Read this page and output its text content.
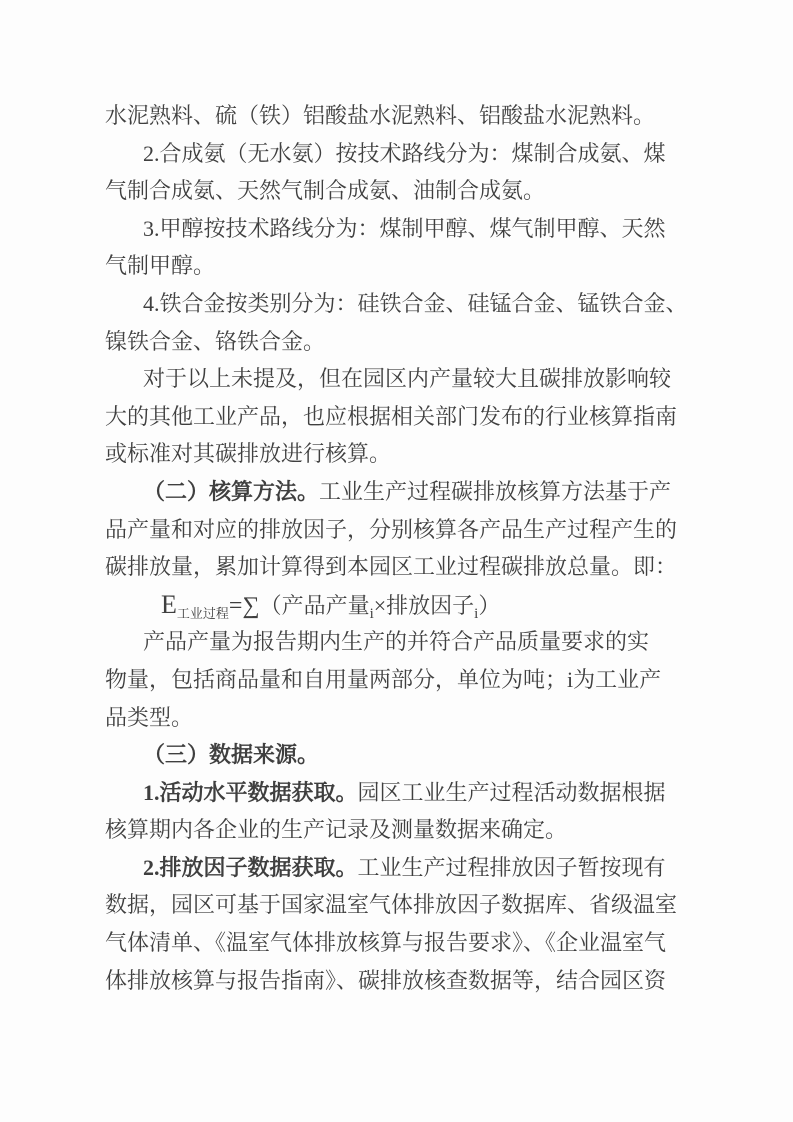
水泥熟料、硫（铁）铝酸盐水泥熟料、铝酸盐水泥熟料。
2.合成氨（无水氨）按技术路线分为：煤制合成氨、煤
气制合成氨、天然气制合成氨、油制合成氨。
3.甲醇按技术路线分为：煤制甲醇、煤气制甲醇、天然
气制甲醇。
4.铁合金按类别分为：硅铁合金、硅锰合金、锰铁合金、
镍铁合金、铬铁合金。
对于以上未提及，但在园区内产量较大且碳排放影响较
大的其他工业产品，也应根据相关部门发布的行业核算指南
或标准对其碳排放进行核算。
（二）核算方法。工业生产过程碳排放核算方法基于产
品产量和对应的排放因子，分别核算各产品生产过程产生的
碳排放量，累加计算得到本园区工业过程碳排放总量。即：
$E_{工业过程}=\sum$（产品产量$_i$×排放因子$_i$）
产品产量为报告期内生产的并符合产品质量要求的实
物量，包括商品量和自用量两部分，单位为吨；i为工业产
品类型。
（三）数据来源。
1.活动水平数据获取。园区工业生产过程活动数据根据
核算期内各企业的生产记录及测量数据来确定。
2.排放因子数据获取。工业生产过程排放因子暂按现有
数据，园区可基于国家温室气体排放因子数据库、省级温室
气体清单、《温室气体排放核算与报告要求》、《企业温室气
体排放核算与报告指南》、碳排放核查数据等，结合园区资
